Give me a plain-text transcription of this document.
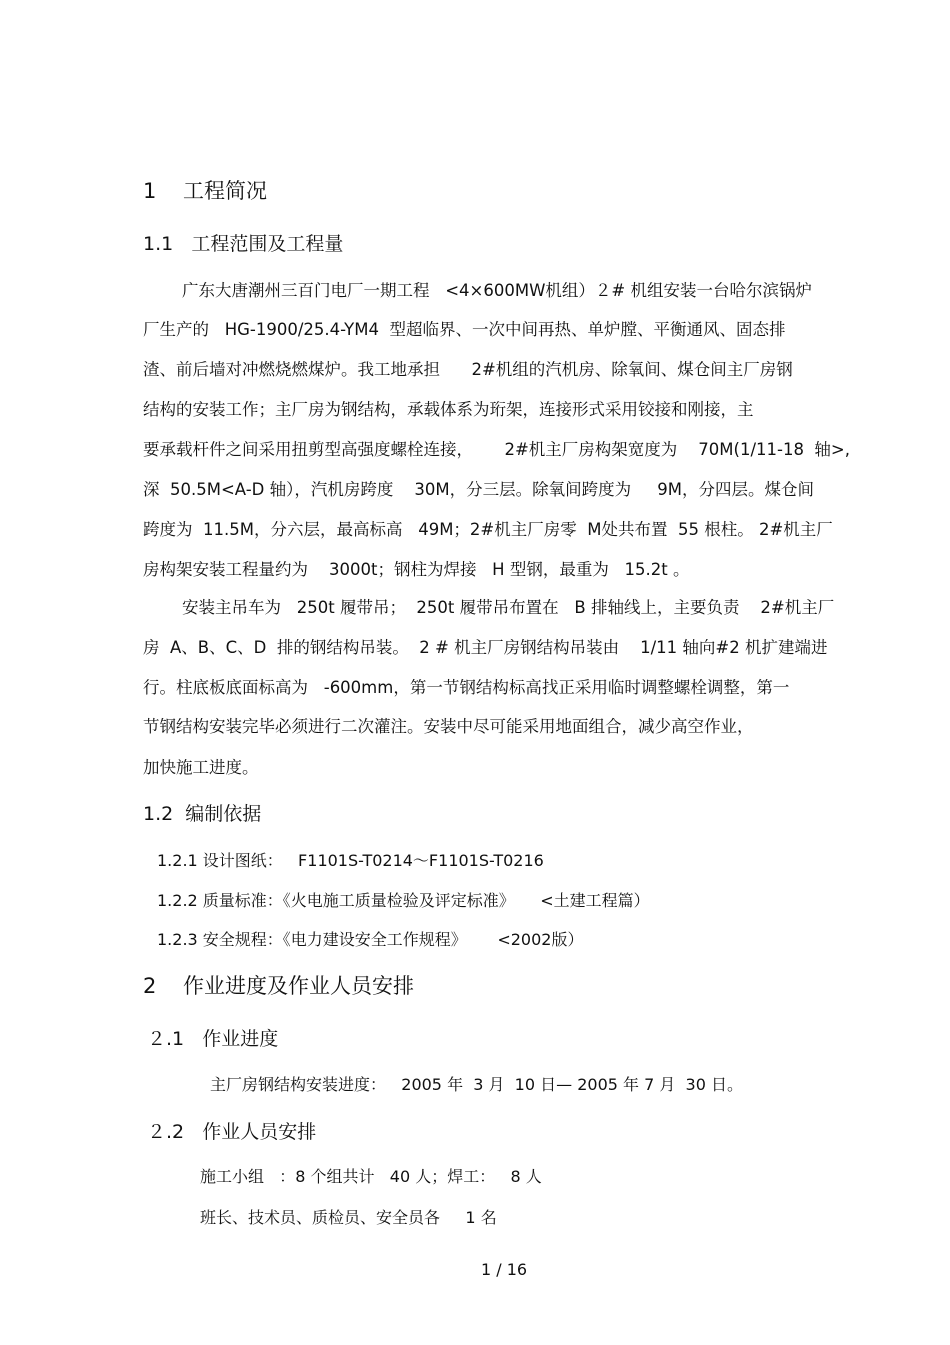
1    工程简况
1.1   工程范围及工程量
广东大唐潮州三百门电厂一期工程   <4×600MW机组）２# 机组安装一台哈尔滨锅炉
厂生产的   HG-1900/25.4-YM4  型超临界、一次中间再热、单炉膛、平衡通风、固态排
渣、前后墙对冲燃烧燃煤炉。我工地承担      2#机组的汽机房、除氧间、煤仓间主厂房钢
结构的安装工作；主厂房为钢结构，承载体系为珩架，连接形式采用铰接和刚接，主
要承载杆件之间采用扭剪型高强度螺栓连接，      2#机主厂房构架宽度为    70M(1/11-18  轴>,
深  50.5M<A-D 轴），汽机房跨度    30M，分三层。除氧间跨度为     9M，分四层。煤仓间
跨度为  11.5M，分六层，最高标高   49M；2#机主厂房零  M处共布置  55 根柱。 2#机主厂
房构架安装工程量约为    3000t；钢柱为焊接   H 型钢，最重为   15.2t 。
安装主吊车为   250t 履带吊；  250t 履带吊布置在   B 排轴线上，主要负责    2#机主厂
房  A、B、C、D  排的钢结构吊装。  2 # 机主厂房钢结构吊装由    1/11 轴向#2 机扩建端进
行。柱底板底面标高为   -600mm，第一节钢结构标高找正采用临时调整螺栓调整，第一
节钢结构安装完毕必须进行二次灌注。安装中尽可能采用地面组合，减少高空作业，
加快施工进度。
1.2  编制依据
1.2.1 设计图纸：   F1101S-T0214～F1101S-T0216
1.2.2 质量标准：《火电施工质量检验及评定标准》     <土建工程篇）
1.2.3 安全规程：《电力建设安全工作规程》      <2002版）
2    作业进度及作业人员安排
２.1   作业进度
主厂房钢结构安装进度：   2005 年  3 月  10 日— 2005 年 7 月  30 日。
２.2   作业人员安排
施工小组   ：8 个组共计   40 人；焊工：   8 人
班长、技术员、质检员、安全员各     1 名
1 / 16
